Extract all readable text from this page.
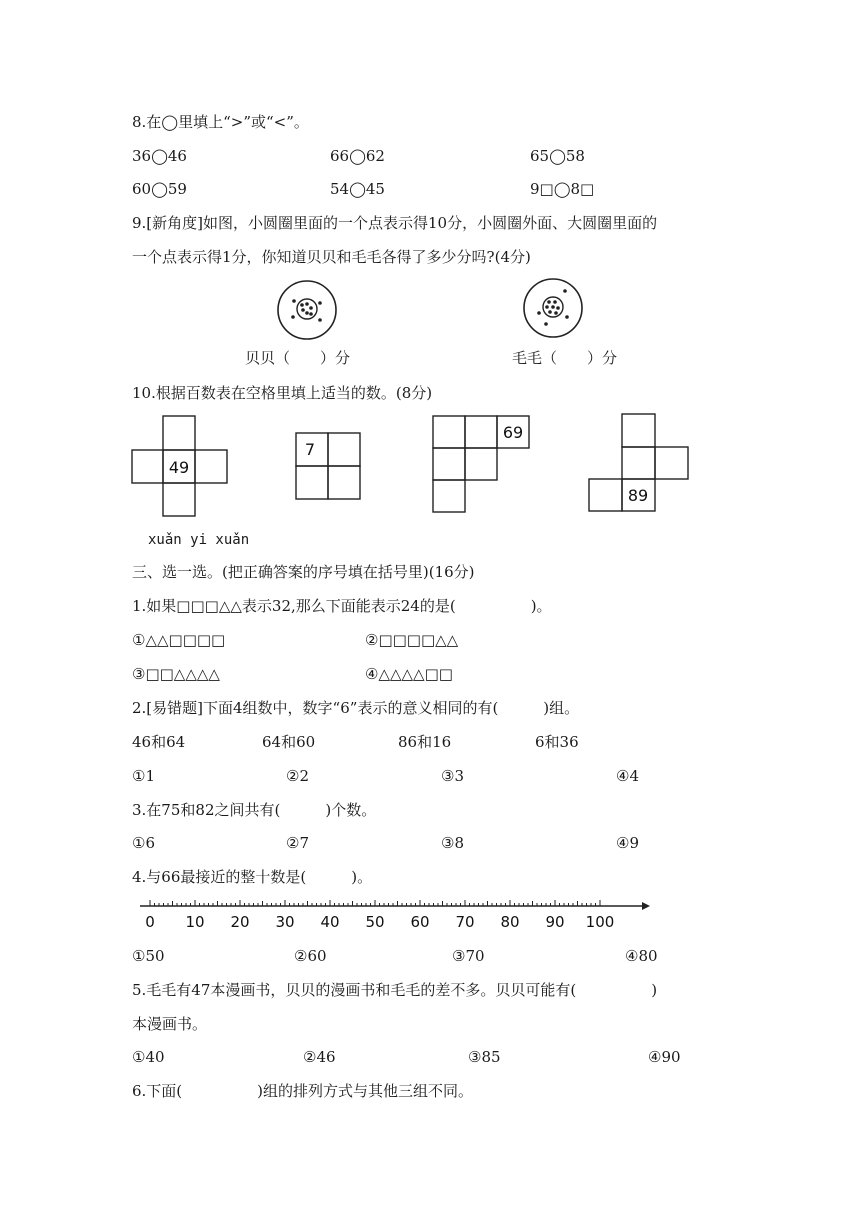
8.在◯里填上“>”或“<”。
36◯46	66◯62	65◯58
60◯59	54◯45	9□◯8□
9.[新角度]如图，小圆圈里面的一个点表示得10分，小圆圈外面、大圆圈里面的
一个点表示得1分，你知道贝贝和毛毛各得了多少分吗?(4分)
贝贝（　　）分	毛毛（　　）分
10.根据百数表在空格里填上适当的数。(8分)
49
7
69
89
xuǎn yi xuǎn
三、选一选。(把正确答案的序号填在括号里)(16分)
1.如果□□□△△表示32,那么下面能表示24的是(　　　　　)。
①△△□□□□	②□□□□△△
③□□△△△△	④△△△△□□
2.[易错题]下面4组数中，数字“6”表示的意义相同的有(　　　)组。
46和64	64和60	86和16	6和36
①1	②2	③3	④4
3.在75和82之间共有(　　　)个数。
①6	②7	③8	④9
4.与66最接近的整十数是(　　　)。
0 10 20 30 40 50 60 70 80 90 100
①50	②60	③70	④80
5.毛毛有47本漫画书，贝贝的漫画书和毛毛的差不多。贝贝可能有(　　　　　)
本漫画书。
①40	②46	③85	④90
6.下面(　　　　　)组的排列方式与其他三组不同。
